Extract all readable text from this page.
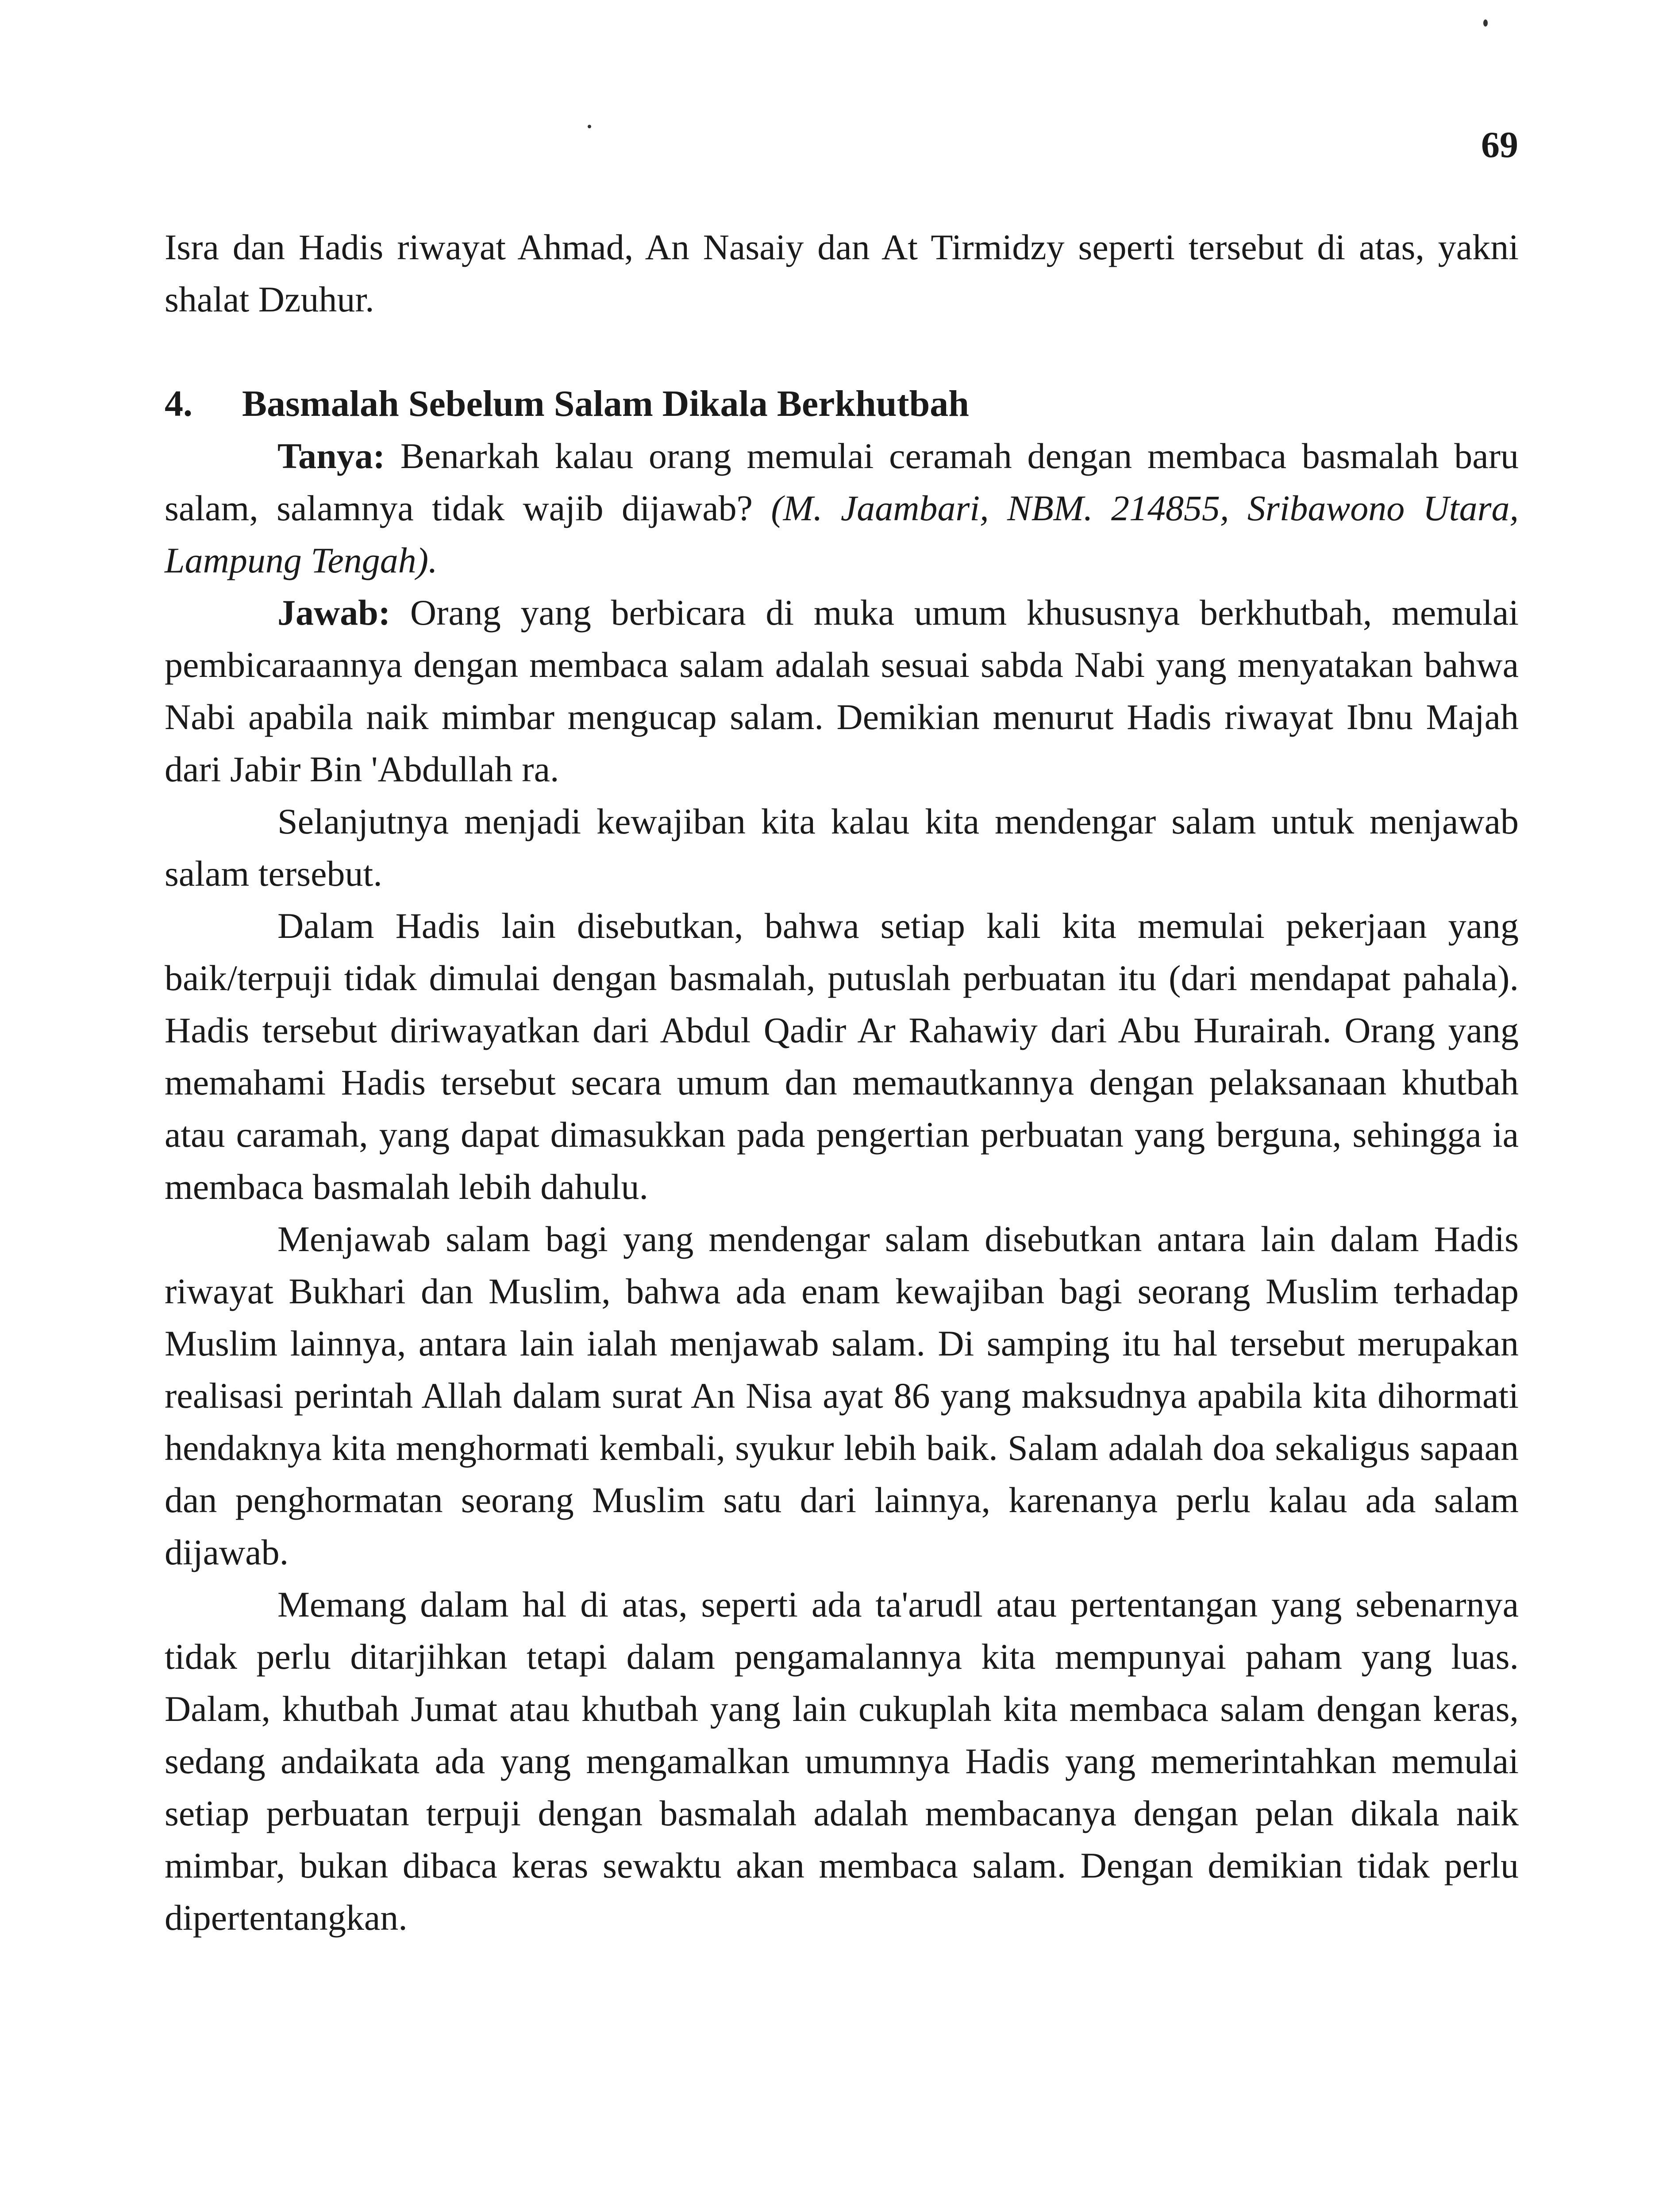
69

Isra dan Hadis riwayat Ahmad, An Nasaiy dan At Tirmidzy seperti tersebut di atas, yakni shalat Dzuhur.

4.	Basmalah Sebelum Salam Dikala Berkhutbah

Tanya: Benarkah kalau orang memulai ceramah dengan membaca basmalah baru salam, salamnya tidak wajib dijawab? (M. Jaambari, NBM. 214855, Sribawono Utara, Lampung Tengah).

Jawab: Orang yang berbicara di muka umum khususnya berkhutbah, memulai pembicaraannya dengan membaca salam adalah sesuai sabda Nabi yang menyatakan bahwa Nabi apabila naik mimbar mengucap salam. Demikian menurut Hadis riwayat Ibnu Majah dari Jabir Bin 'Abdullah ra.

Selanjutnya menjadi kewajiban kita kalau kita mendengar salam untuk menjawab salam tersebut.

Dalam Hadis lain disebutkan, bahwa setiap kali kita memulai pekerjaan yang baik/terpuji tidak dimulai dengan basmalah, putuslah perbuatan itu (dari mendapat pahala). Hadis tersebut diriwayatkan dari Abdul Qadir Ar Rahawiy dari Abu Hurairah. Orang yang memahami Hadis tersebut secara umum dan memautkannya dengan pelaksanaan khutbah atau caramah, yang dapat dimasukkan pada pengertian perbuatan yang berguna, sehingga ia membaca basmalah lebih dahulu.

Menjawab salam bagi yang mendengar salam disebutkan antara lain dalam Hadis riwayat Bukhari dan Muslim, bahwa ada enam kewajiban bagi seorang Muslim terhadap Muslim lainnya, antara lain ialah menjawab salam. Di samping itu hal tersebut merupakan realisasi perintah Allah dalam surat An Nisa ayat 86 yang maksudnya apabila kita dihormati hendaknya kita menghormati kembali, syukur lebih baik. Salam adalah doa sekaligus sapaan dan penghormatan seorang Muslim satu dari lainnya, karenanya perlu kalau ada salam dijawab.

Memang dalam hal di atas, seperti ada ta'arudl atau pertentangan yang sebenarnya tidak perlu ditarjihkan tetapi dalam pengamalannya kita mempunyai paham yang luas. Dalam, khutbah Jumat atau khutbah yang lain cukuplah kita membaca salam dengan keras, sedang andaikata ada yang mengamalkan umumnya Hadis yang memerintahkan memulai setiap perbuatan terpuji dengan basmalah adalah membacanya dengan pelan dikala naik mimbar, bukan dibaca keras sewaktu akan membaca salam. Dengan demikian tidak perlu dipertentangkan.
